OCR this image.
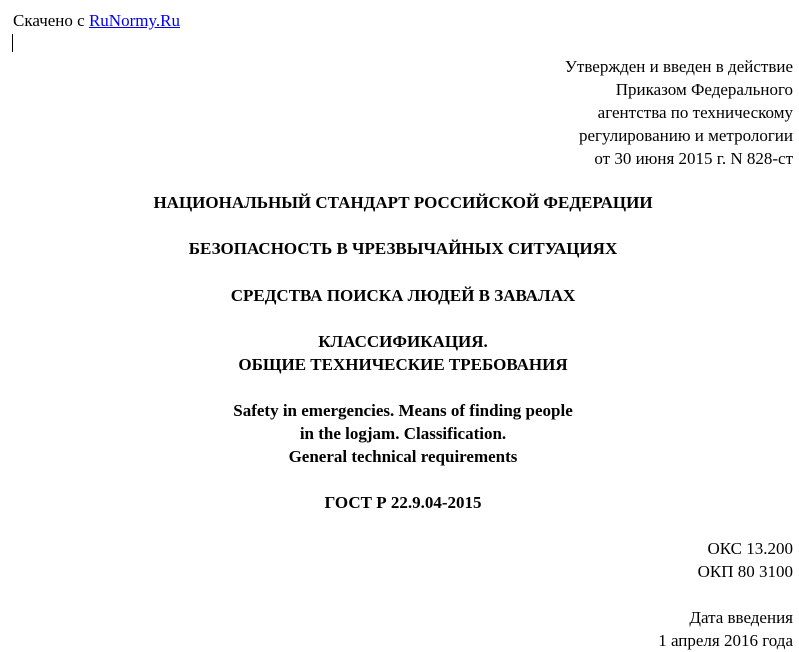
Скачено с RuNormy.Ru
Утвержден и введен в действие
Приказом Федерального
агентства по техническому
регулированию и метрологии
от 30 июня 2015 г. N 828-ст
НАЦИОНАЛЬНЫЙ СТАНДАРТ РОССИЙСКОЙ ФЕДЕРАЦИИ
БЕЗОПАСНОСТЬ В ЧРЕЗВЫЧАЙНЫХ СИТУАЦИЯХ
СРЕДСТВА ПОИСКА ЛЮДЕЙ В ЗАВАЛАХ
КЛАССИФИКАЦИЯ.
ОБЩИЕ ТЕХНИЧЕСКИЕ ТРЕБОВАНИЯ
Safety in emergencies. Means of finding people
in the logjam. Classification.
General technical requirements
ГОСТ Р 22.9.04-2015
ОКС 13.200
ОКП 80 3100
Дата введения
1 апреля 2016 года
